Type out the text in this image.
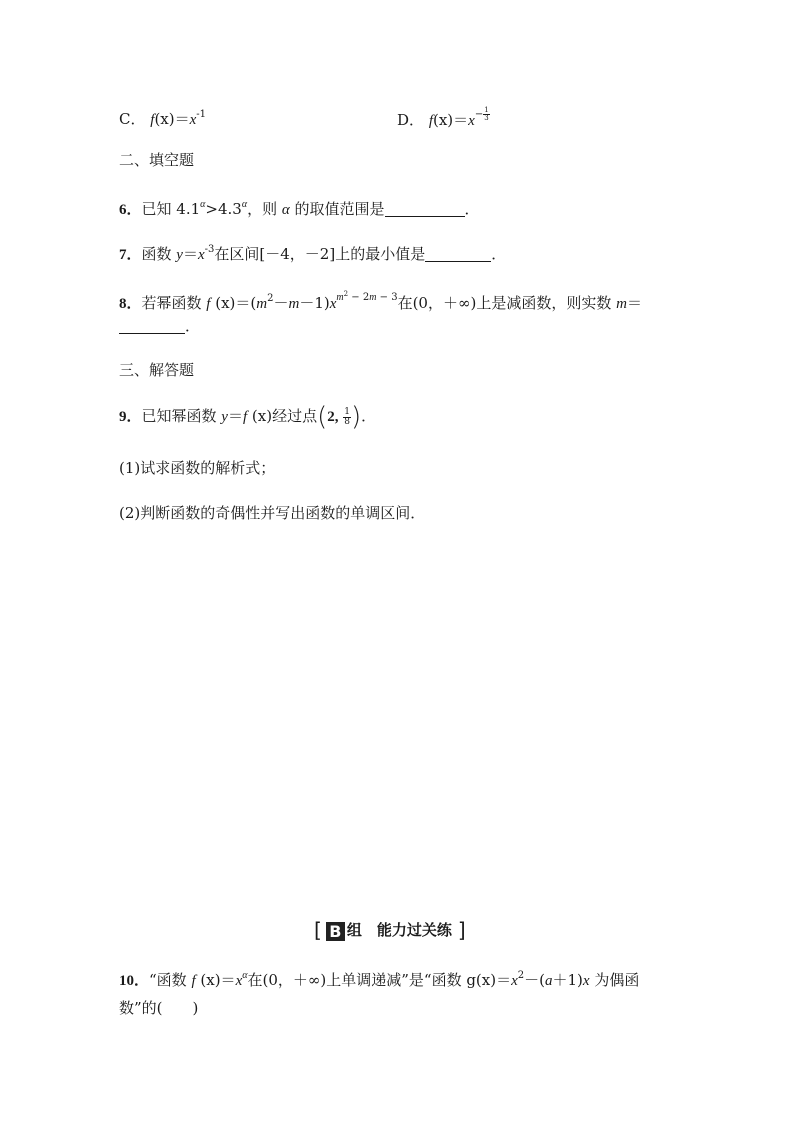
C． $f(x)=x^{-1}$	D． $f(x)=x- \frac{1}{3}$
二、填空题
6．已知 $4.1^\alpha>4.3^\alpha$，则 α 的取值范围是	．
7．函数 $y=x^{-3}$在区间[－4，－2]上的最小值是	．
8．若幂函数 f $(x)=(m^2-m-1)x^{m^2 - 2m - 3}$在(0，＋∞)上是减函数，则实数 m＝
．
三、解答题
9．已知幂函数 y＝f (x)经过点(2, $\frac{1}{8}$ )．
(1)试求函数的解析式；
(2)判断函数的奇偶性并写出函数的单调区间．
[ B 组　能力过关练 ]
10．“函数 f $(x)=x^\alpha$在(0，＋∞)上单调递减”是“函数 $g(x)=x^2-(a+1)x$ 为偶函
数”的(　　)
